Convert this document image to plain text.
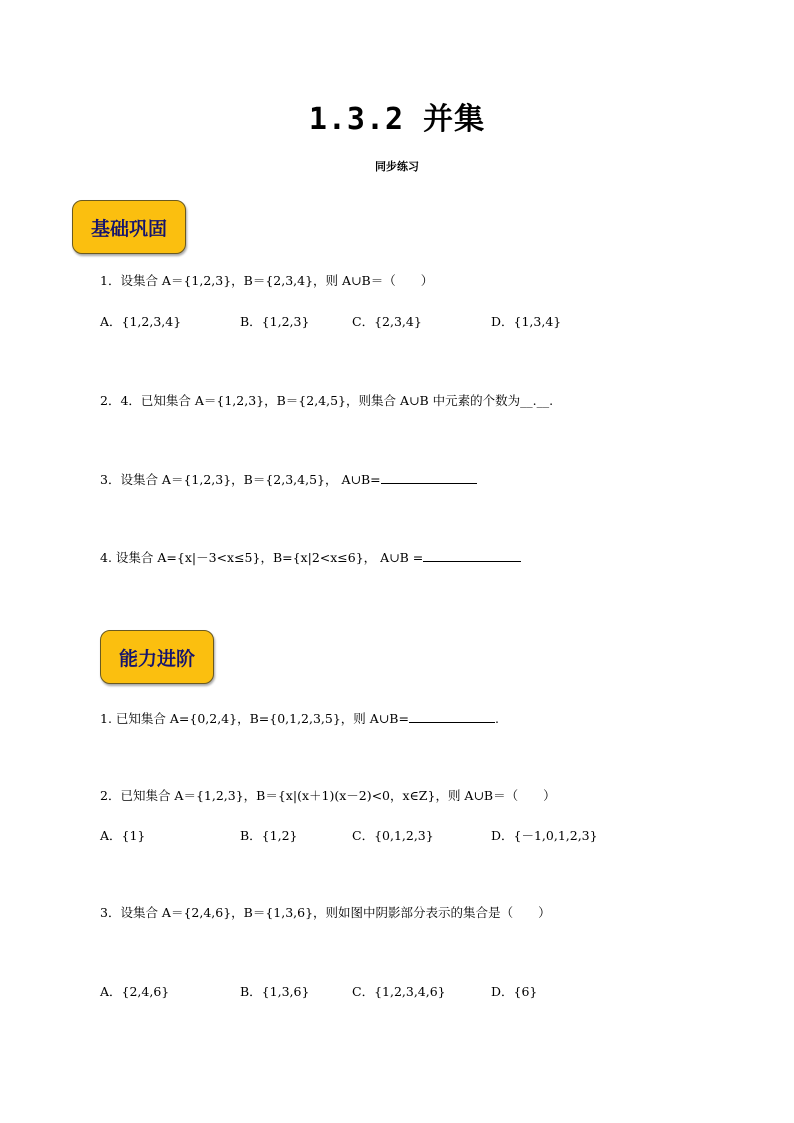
1.3.2 并集
同步练习
基础巩固
1．设集合 A＝{1,2,3}，B＝{2,3,4}，则 A∪B＝（　　）
A．{1,2,3,4}	B．{1,2,3}	C．{2,3,4}	D．{1,3,4}
2．4．已知集合 A＝{1,2,3}，B＝{2,4,5}，则集合 A∪B 中元素的个数为__.__.
3．设集合 A＝{1,2,3}，B＝{2,3,4,5}， A∪B=
4. 设集合 A={x|－3<x≤5}，B={x|2<x≤6}， A∪B =
能力进阶
1. 已知集合 A={0,2,4}，B={0,1,2,3,5}，则 A∪B=	.
2．已知集合 A＝{1,2,3}，B＝{x|(x＋1)(x－2)<0，x∈Z}，则 A∪B＝（　　）
A．{1}	B．{1,2}	C．{0,1,2,3}	D．{－1,0,1,2,3}
3．设集合 A＝{2,4,6}，B＝{1,3,6}，则如图中阴影部分表示的集合是（　　）
A．{2,4,6}	B．{1,3,6}	C．{1,2,3,4,6}	D．{6}
